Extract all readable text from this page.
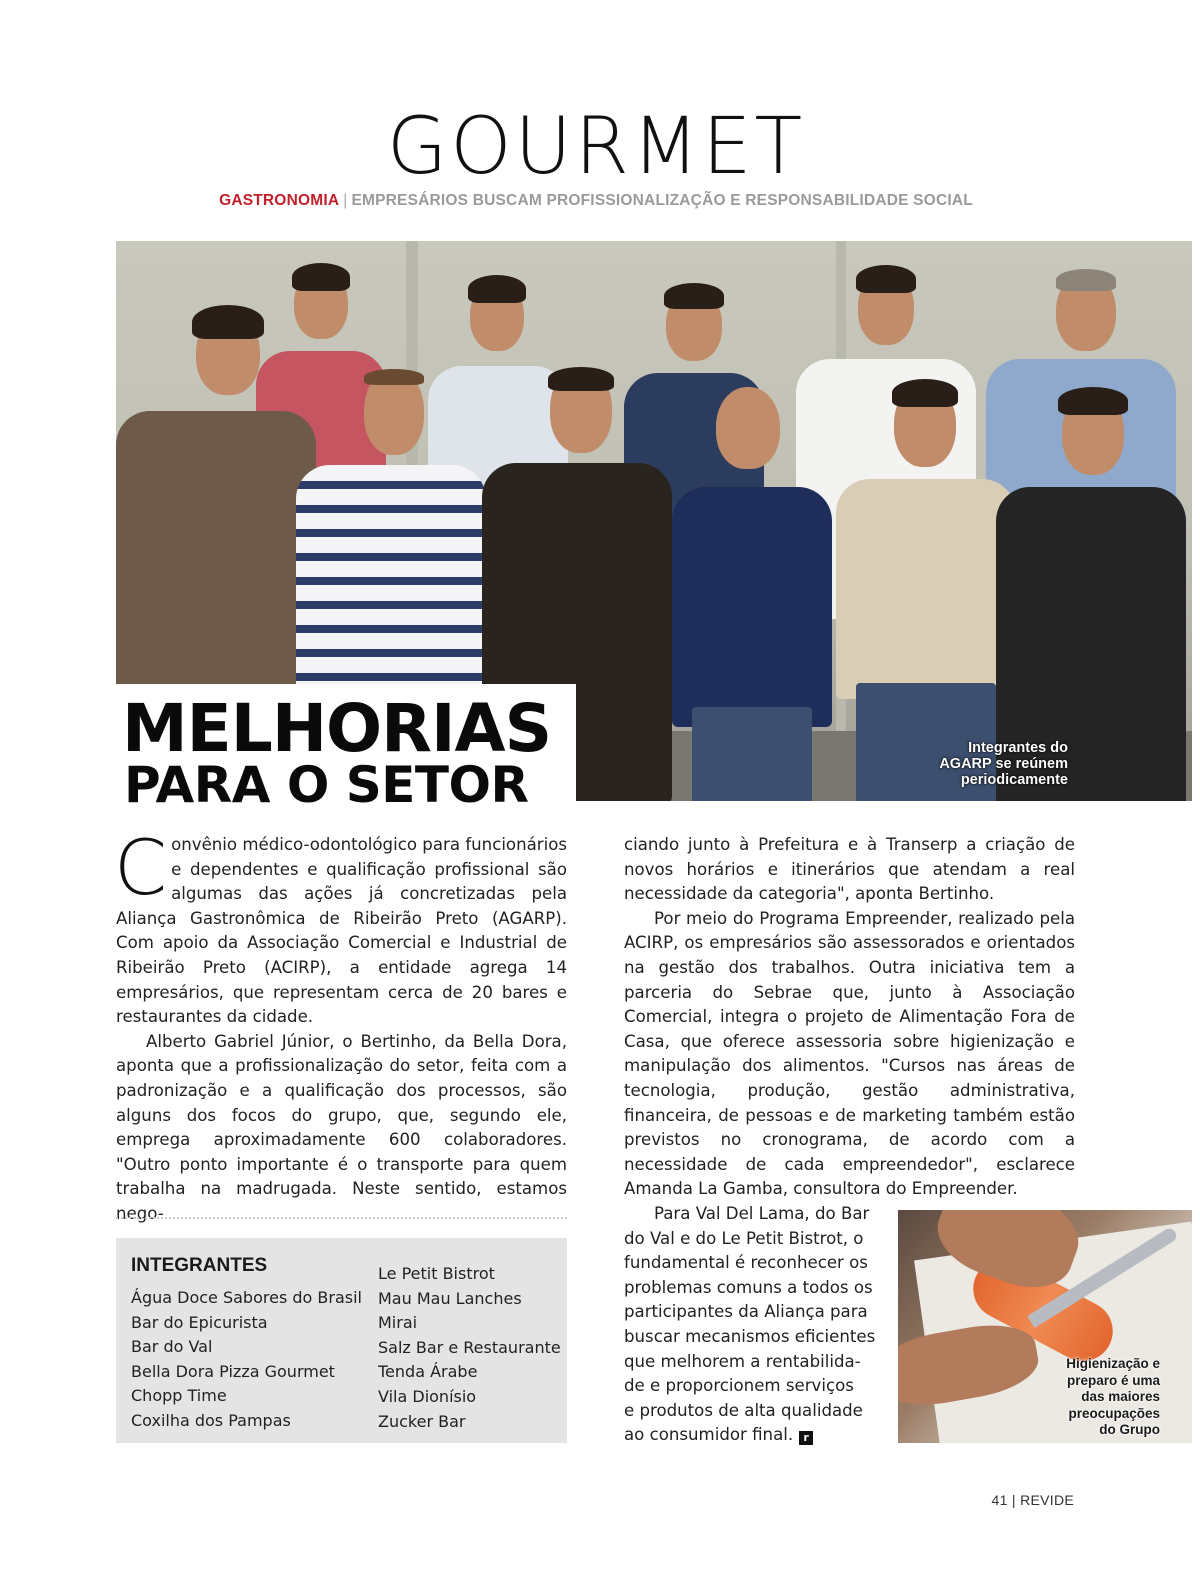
GOURMET
GASTRONOMIA | EMPRESÁRIOS BUSCAM PROFISSIONALIZAÇÃO E RESPONSABILIDADE SOCIAL
Integrantes do
AGARP se reúnem
periodicamente
MELHORIAS
PARA O SETOR
C onvênio médico-odontológico para funcionários e dependentes e qualificação profissional são algumas das ações já concretizadas pela Aliança Gastronômica de Ribeirão Preto (AGARP). Com apoio da Associação Comercial e Industrial de Ribeirão Preto (ACIRP), a entidade agrega 14 empresários, que representam cerca de 20 bares e restaurantes da cidade.

Alberto Gabriel Júnior, o Bertinho, da Bella Dora, aponta que a profissionalização do setor, feita com a padronização e a qualificação dos processos, são alguns dos focos do grupo, que, segundo ele, emprega aproximadamente 600 colaboradores. "Outro ponto importante é o transporte para quem trabalha na madrugada. Neste sentido, estamos nego-

ciando junto à Prefeitura e à Transerp a criação de novos horários e itinerários que atendam a real necessidade da categoria", aponta Bertinho.

Por meio do Programa Empreender, realizado pela ACIRP, os empresários são assessorados e orientados na gestão dos trabalhos. Outra iniciativa tem a parceria do Sebrae que, junto à Associação Comercial, integra o projeto de Alimentação Fora de Casa, que oferece assessoria sobre higienização e manipulação dos alimentos. "Cursos nas áreas de tecnologia, produção, gestão administrativa, financeira, de pessoas e de marketing também estão previstos no cronograma, de acordo com a necessidade de cada empreendedor", esclarece Amanda La Gamba, consultora do Empreender.

Para Val Del Lama, do Bar
do Val e do Le Petit Bistrot, o
fundamental é reconhecer os
problemas comuns a todos os
participantes da Aliança para
buscar mecanismos eficientes
que melhorem a rentabilida-
de e proporcionem serviços
e produtos de alta qualidade
ao consumidor final. r
INTEGRANTES
Água Doce Sabores do Brasil
Bar do Epicurista
Bar do Val
Bella Dora Pizza Gourmet
Chopp Time
Coxilha dos Pampas
Le Petit Bistrot
Mau Mau Lanches
Mirai
Salz Bar e Restaurante
Tenda Árabe
Vila Dionísio
Zucker Bar
Higienização e
preparo é uma
das maiores
preocupações
do Grupo
41 | REVIDE
